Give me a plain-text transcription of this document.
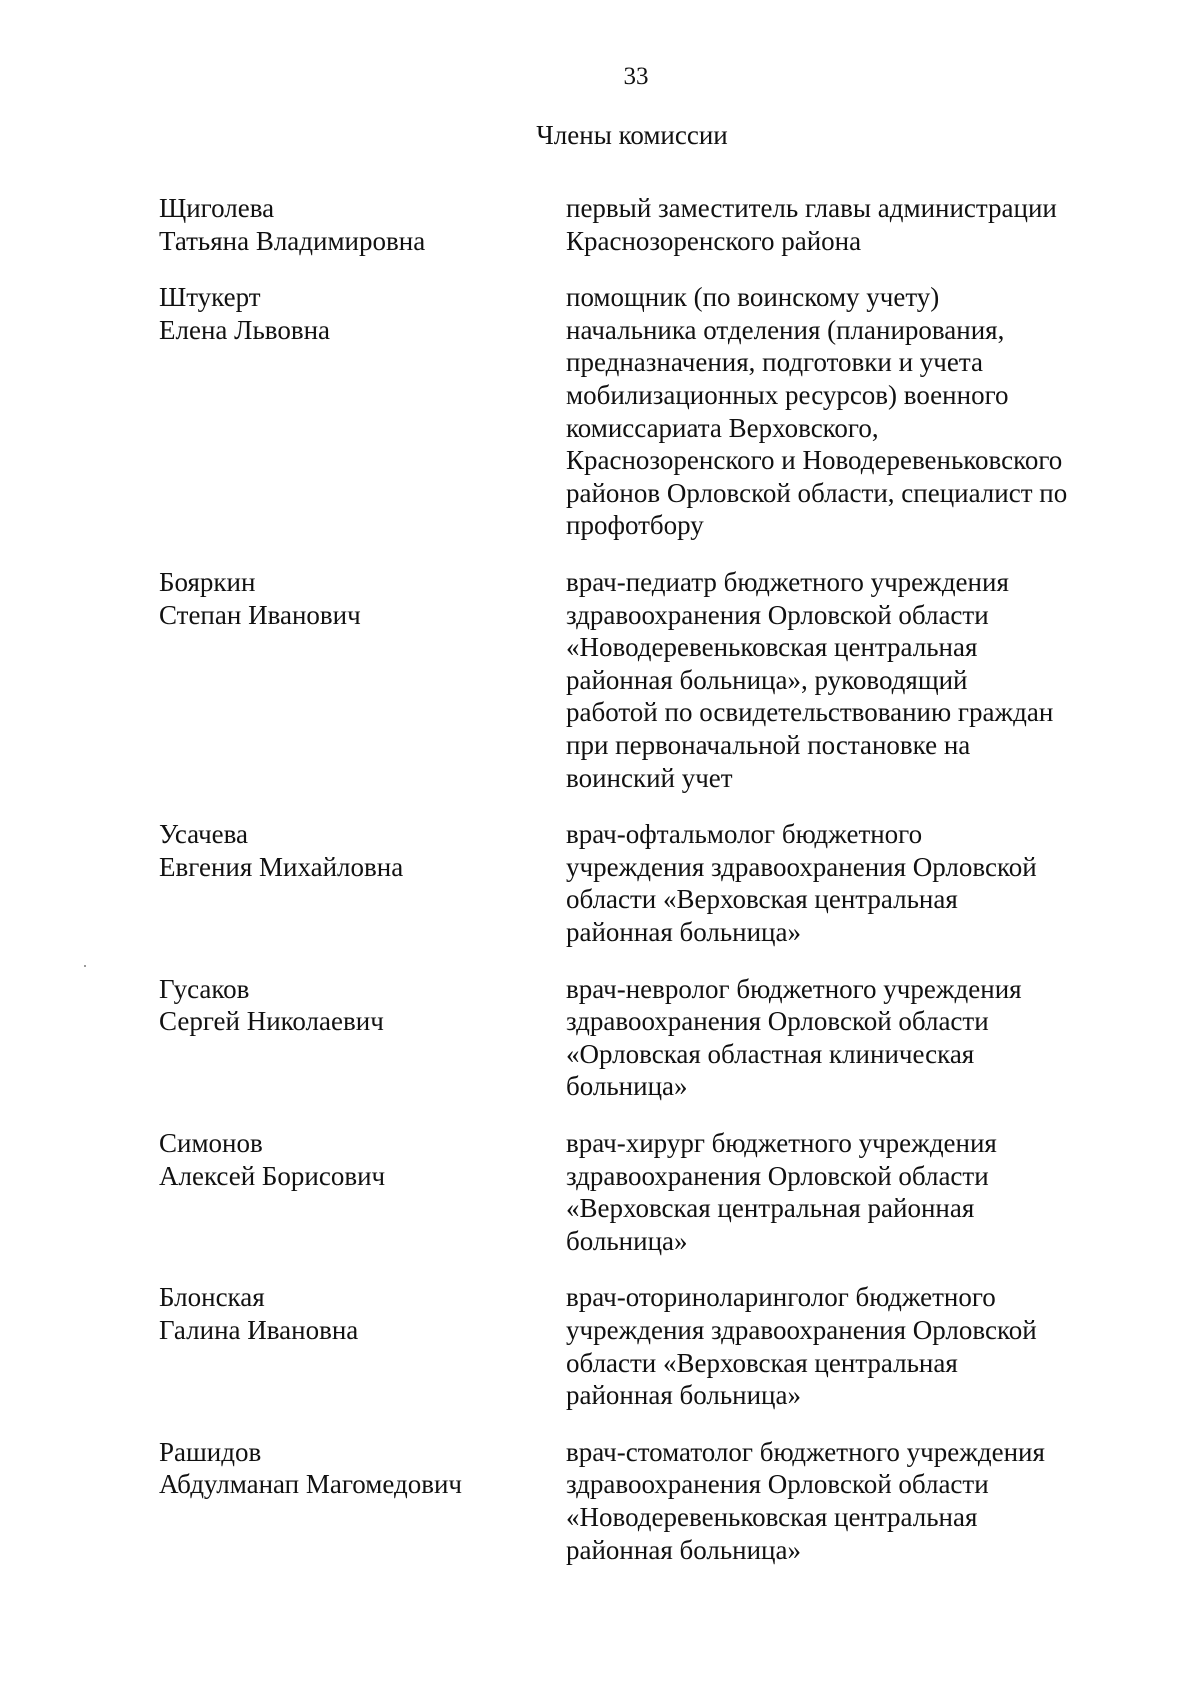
33
Члены комиссии
Щиголева
Татьяна Владимировна
первый заместитель главы администрации
Краснозоренского района
Штукерт
Елена Львовна
помощник (по воинскому учету)
начальника отделения (планирования,
предназначения, подготовки и учета
мобилизационных ресурсов) военного
комиссариата Верховского,
Краснозоренского и Новодеревеньковского
районов Орловской области, специалист по
профотбору
Бояркин
Степан Иванович
врач-педиатр бюджетного учреждения
здравоохранения Орловской области
«Новодеревеньковская центральная
районная больница», руководящий
работой по освидетельствованию граждан
при первоначальной постановке на
воинский учет
Усачева
Евгения Михайловна
врач-офтальмолог бюджетного
учреждения здравоохранения Орловской
области «Верховская центральная
районная больница»
Гусаков
Сергей Николаевич
врач-невролог бюджетного учреждения
здравоохранения Орловской области
«Орловская областная клиническая
больница»
Симонов
Алексей Борисович
врач-хирург бюджетного учреждения
здравоохранения Орловской области
«Верховская центральная районная
больница»
Блонская
Галина Ивановна
врач-оториноларинголог бюджетного
учреждения здравоохранения Орловской
области «Верховская центральная
районная больница»
Рашидов
Абдулманап Магомедович
врач-стоматолог бюджетного учреждения
здравоохранения Орловской области
«Новодеревеньковская центральная
районная больница»
